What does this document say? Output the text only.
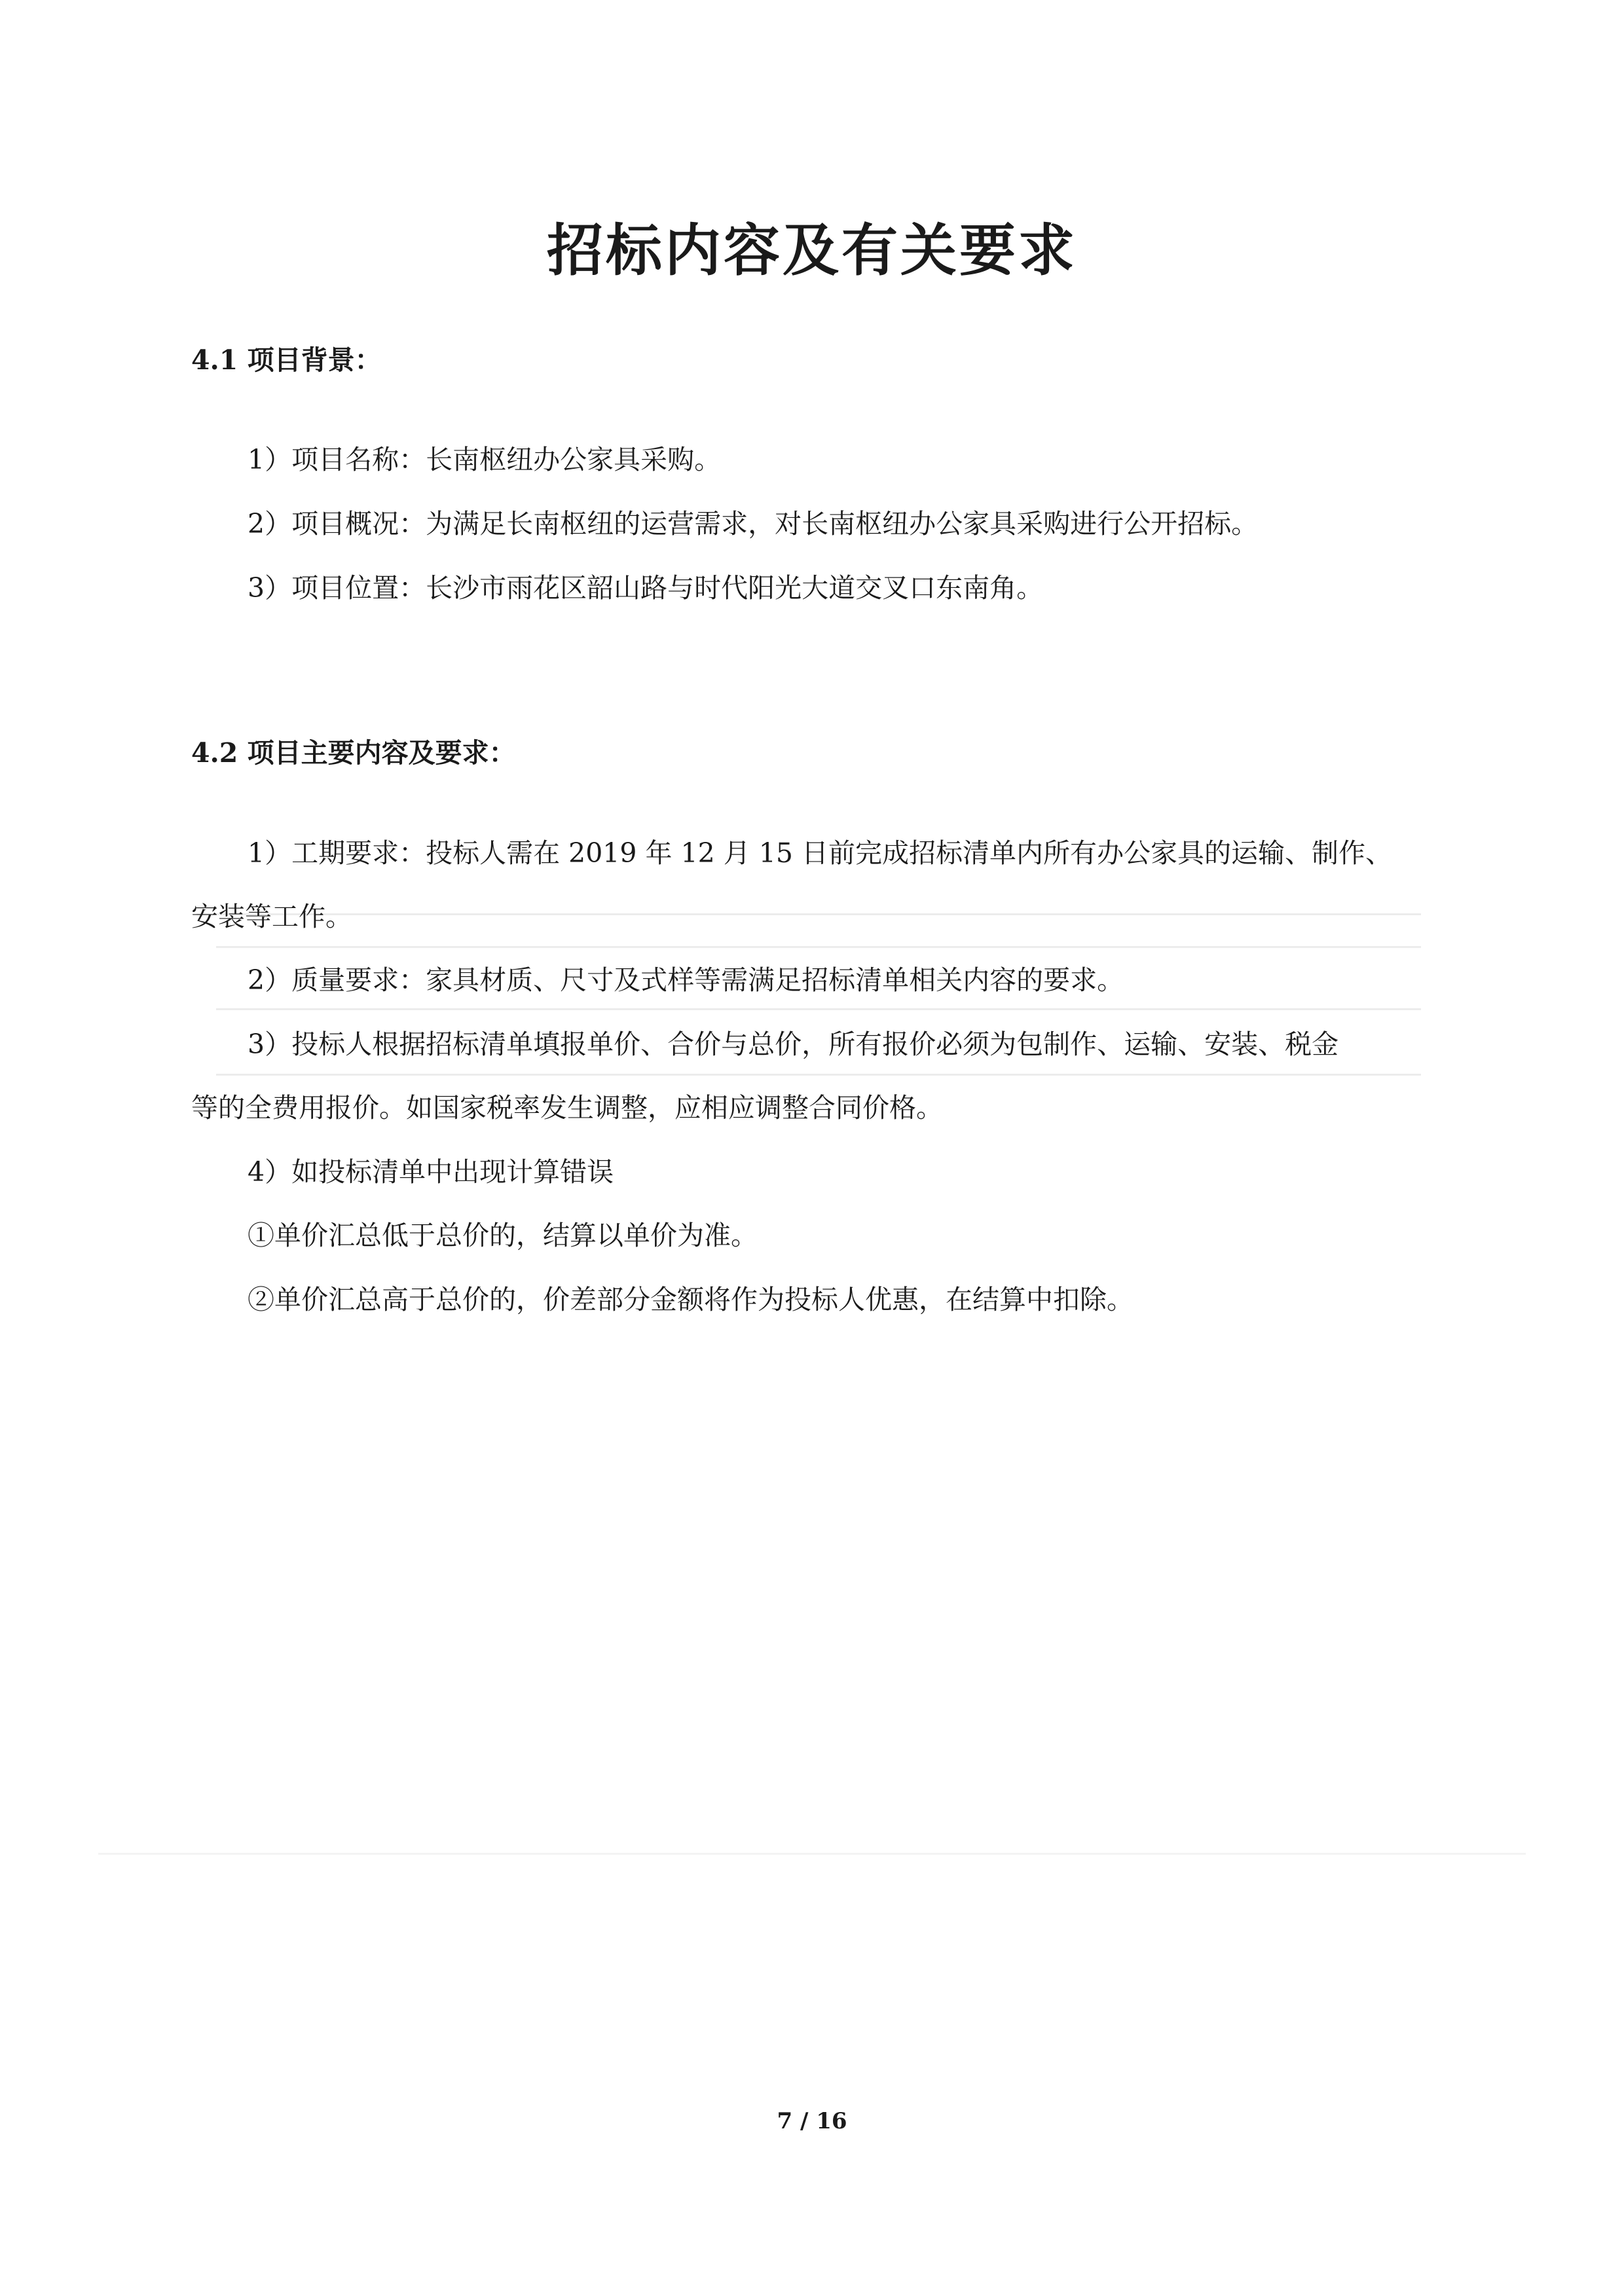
招标内容及有关要求
4.1 项目背景：
1）项目名称：长南枢纽办公家具采购。
2）项目概况：为满足长南枢纽的运营需求，对长南枢纽办公家具采购进行公开招标。
3）项目位置：长沙市雨花区韶山路与时代阳光大道交叉口东南角。
4.2 项目主要内容及要求：
1）工期要求：投标人需在 2019 年 12 月 15 日前完成招标清单内所有办公家具的运输、制作、
安装等工作。
2）质量要求：家具材质、尺寸及式样等需满足招标清单相关内容的要求。
3）投标人根据招标清单填报单价、合价与总价，所有报价必须为包制作、运输、安装、税金
等的全费用报价。如国家税率发生调整，应相应调整合同价格。
4）如投标清单中出现计算错误
①单价汇总低于总价的，结算以单价为准。
②单价汇总高于总价的，价差部分金额将作为投标人优惠，在结算中扣除。
7 / 16
